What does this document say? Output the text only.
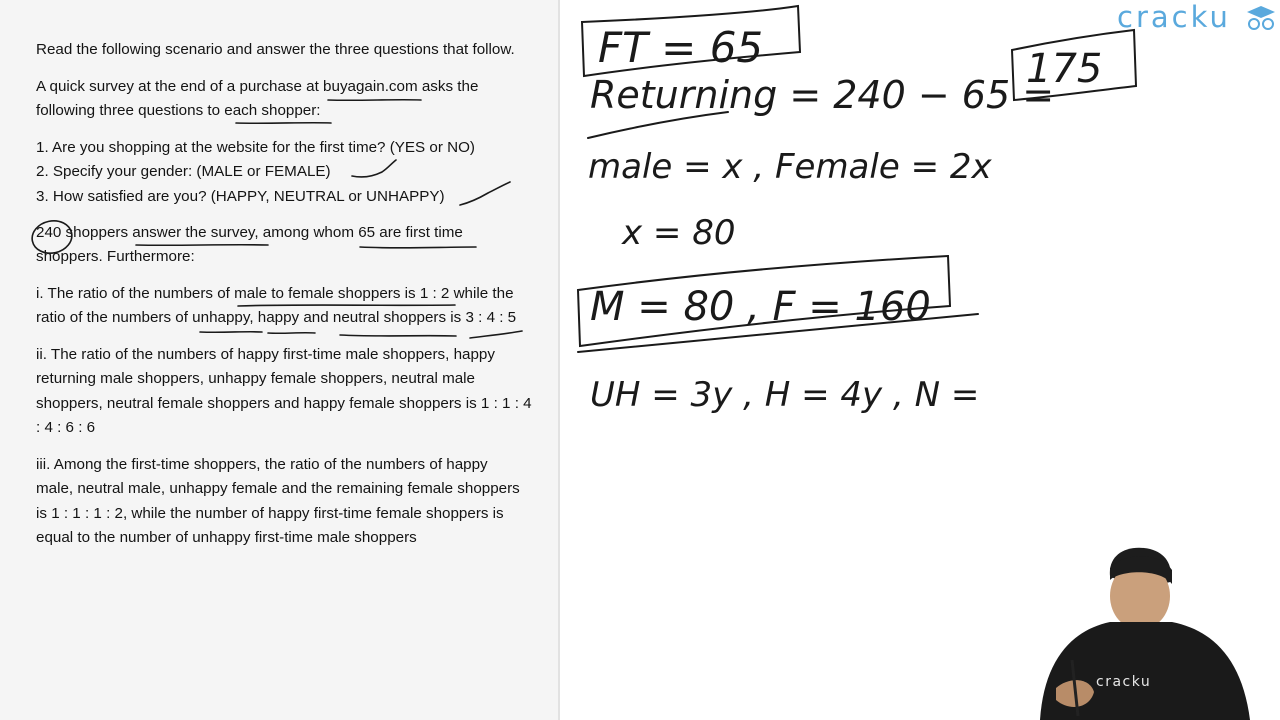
Read the following scenario and answer the three questions that follow.

A quick survey at the end of a purchase at buyagain.com asks the
following three questions to each shopper:

1. Are you shopping at the website for the first time? (YES or NO)
2. Specify your gender: (MALE or FEMALE)
3. How satisfied are you? (HAPPY, NEUTRAL or UNHAPPY)

240 shoppers answer the survey, among whom 65 are first time
shoppers. Furthermore:

i. The ratio of the numbers of male to female shoppers is 1 : 2 while the
ratio of the numbers of unhappy, happy and neutral shoppers is 3 : 4 : 5

ii. The ratio of the numbers of happy first-time male shoppers, happy
returning male shoppers, unhappy female shoppers, neutral male
shoppers, neutral female shoppers and happy female shoppers is 1 : 1 : 4
: 4 : 6 : 6

iii. Among the first-time shoppers, the ratio of the numbers of happy
male, neutral male, unhappy female and the remaining female shoppers
is 1 : 1 : 1 : 2, while the number of happy first-time female shoppers is
equal to the number of unhappy first-time male shoppers

FT = 65
Returning = 240 − 65 =
175
male = x , Female = 2x
x = 80
M = 80 , F = 160
UH = 3y , H = 4y , N =
cracku
cracku
